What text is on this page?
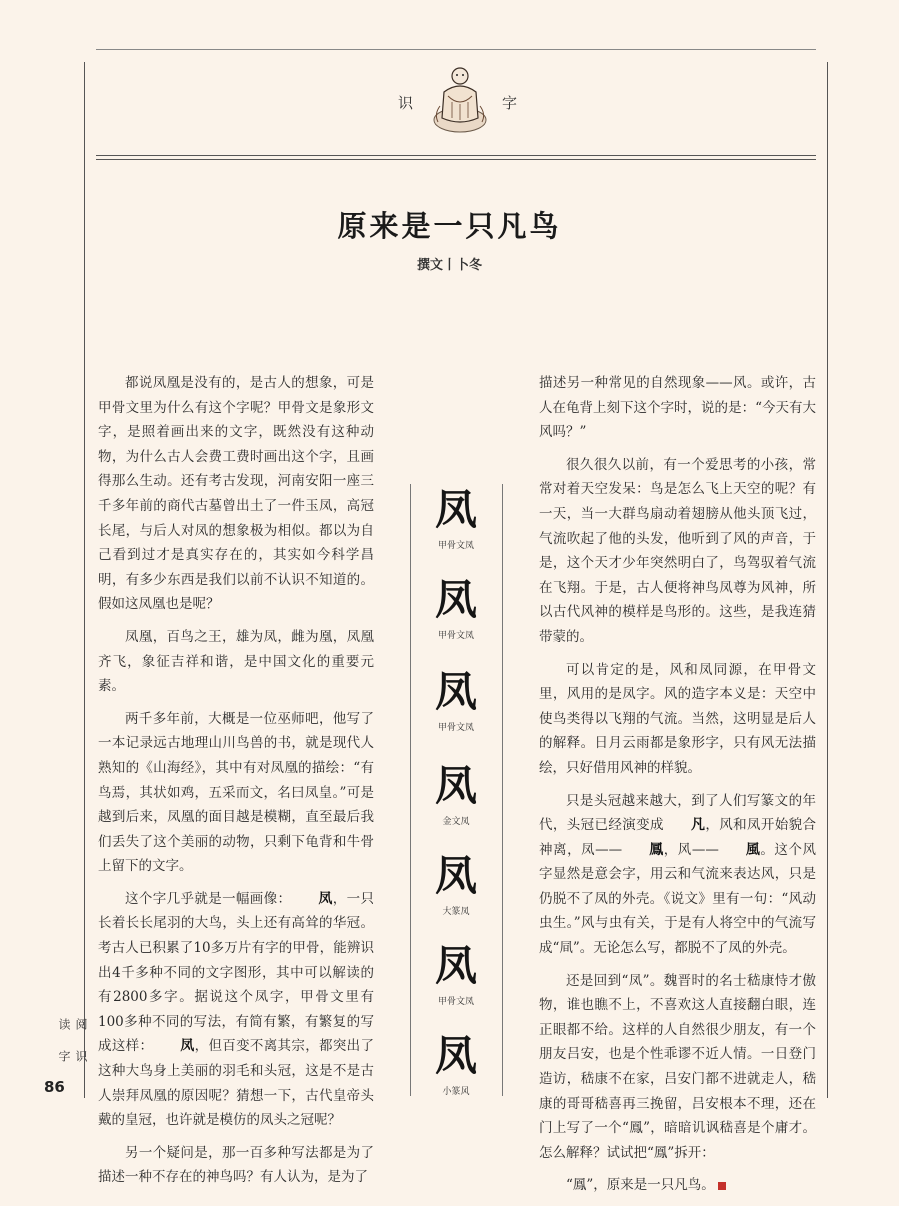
识	字
原来是一只凡鸟
撰文丨卜冬

都说凤凰是没有的，是古人的想象，可是甲骨文里为什么有这个字呢？甲骨文是象形文字，是照着画出来的文字，既然没有这种动物，为什么古人会费工费时画出这个字，且画得那么生动。还有考古发现，河南安阳一座三千多年前的商代古墓曾出土了一件玉凤，高冠长尾，与后人对凤的想象极为相似。都以为自己看到过才是真实存在的，其实如今科学昌明，有多少东西是我们以前不认识不知道的。假如这凤凰也是呢？

凤凰，百鸟之王，雄为凤，雌为凰，凤凰齐飞，象征吉祥和谐，是中国文化的重要元素。

两千多年前，大概是一位巫师吧，他写了一本记录远古地理山川鸟兽的书，就是现代人熟知的《山海经》，其中有对凤凰的描绘：“有鸟焉，其状如鸡，五采而文，名曰凤皇。”可是越到后来，凤凰的面目越是模糊，直至最后我们丢失了这个美丽的动物，只剩下龟背和牛骨上留下的文字。

这个字几乎就是一幅画像： 凤，一只长着长长尾羽的大鸟，头上还有高耸的华冠。考古人已积累了10多万片有字的甲骨，能辨识出4千多种不同的文字图形，其中可以解读的有2800多字。据说这个凤字，甲骨文里有100多种不同的写法，有简有繁，有繁复的写成这样： 凤，但百变不离其宗，都突出了这种大鸟身上美丽的羽毛和头冠，这是不是古人崇拜凤凰的原因呢？猜想一下，古代皇帝头戴的皇冠，也许就是模仿的凤头之冠呢？

另一个疑问是，那一百多种写法都是为了描述一种不存在的神鸟吗？有人认为，是为了

凤
甲骨文凤
凤
甲骨文凤
凤
甲骨文凤
凤
金文凤
凤
大篆凤
凤
甲骨文凤
凤
小篆风

描述另一种常见的自然现象——风。或许，古人在龟背上刻下这个字时，说的是：“今天有大风吗？”

很久很久以前，有一个爱思考的小孩，常常对着天空发呆：鸟是怎么飞上天空的呢？有一天，当一大群鸟扇动着翅膀从他头顶飞过，气流吹起了他的头发，他听到了风的声音，于是，这个天才少年突然明白了，鸟驾驭着气流在飞翔。于是，古人便将神鸟凤尊为风神，所以古代风神的模样是鸟形的。这些，是我连猜带蒙的。

可以肯定的是，风和凤同源，在甲骨文里，风用的是凤字。风的造字本义是：天空中使鸟类得以飞翔的气流。当然，这明显是后人的解释。日月云雨都是象形字，只有风无法描绘，只好借用风神的样貌。

只是头冠越来越大，到了人们写篆文的年代，头冠已经演变成 凡，风和凤开始貌合神离，凤—— 鳳，风—— 風。这个风字显然是意会字，用云和气流来表达风，只是仍脱不了凤的外壳。《说文》里有一句：“风动虫生。”风与虫有关，于是有人将空中的气流写成“凬”。无论怎么写，都脱不了凤的外壳。

还是回到“凤”。魏晋时的名士嵇康恃才傲物，谁也瞧不上，不喜欢这人直接翻白眼，连正眼都不给。这样的人自然很少朋友，有一个朋友吕安，也是个性乖谬不近人情。一日登门造访，嵇康不在家，吕安门都不进就走人，嵇康的哥哥嵇喜再三挽留，吕安根本不理，还在门上写了一个“鳳”，暗暗讥讽嵇喜是个庸才。怎么解释？试试把“鳳”拆开：

“鳳”，原来是一只凡鸟。

阅读
识字
86
